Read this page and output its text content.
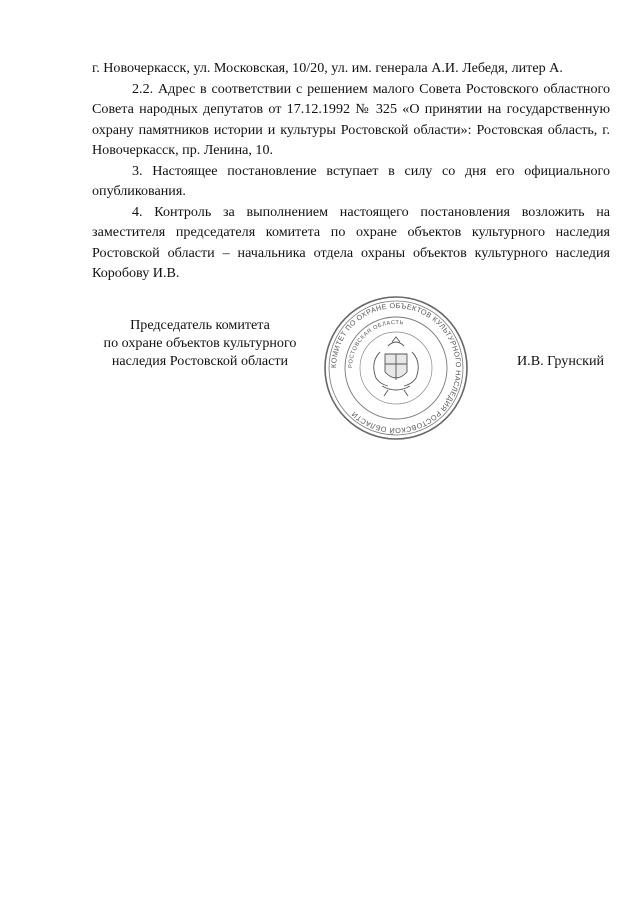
г. Новочеркасск, ул. Московская, 10/20, ул. им. генерала А.И. Лебедя, литер А.

2.2. Адрес в соответствии с решением малого Совета Ростовского областного Совета народных депутатов от 17.12.1992 № 325 «О принятии на государственную охрану памятников истории и культуры Ростовской области»: Ростовская область, г. Новочеркасск, пр. Ленина, 10.

3. Настоящее постановление вступает в силу со дня его официального опубликования.

4. Контроль за выполнением настоящего постановления возложить на заместителя председателя комитета по охране объектов культурного наследия Ростовской области – начальника отдела охраны объектов культурного наследия Коробову И.В.

Председатель комитета
по охране объектов культурного
наследия Ростовской области	КОМИТЕТ ПО ОХРАНЕ ОБЪЕКТОВ КУЛЬТУРНОГО НАСЛЕДИЯ РОСТОВСКОЙ ОБЛАСТИ
РОСТОВСКАЯ ОБЛАСТЬ
И.В. Грунский
